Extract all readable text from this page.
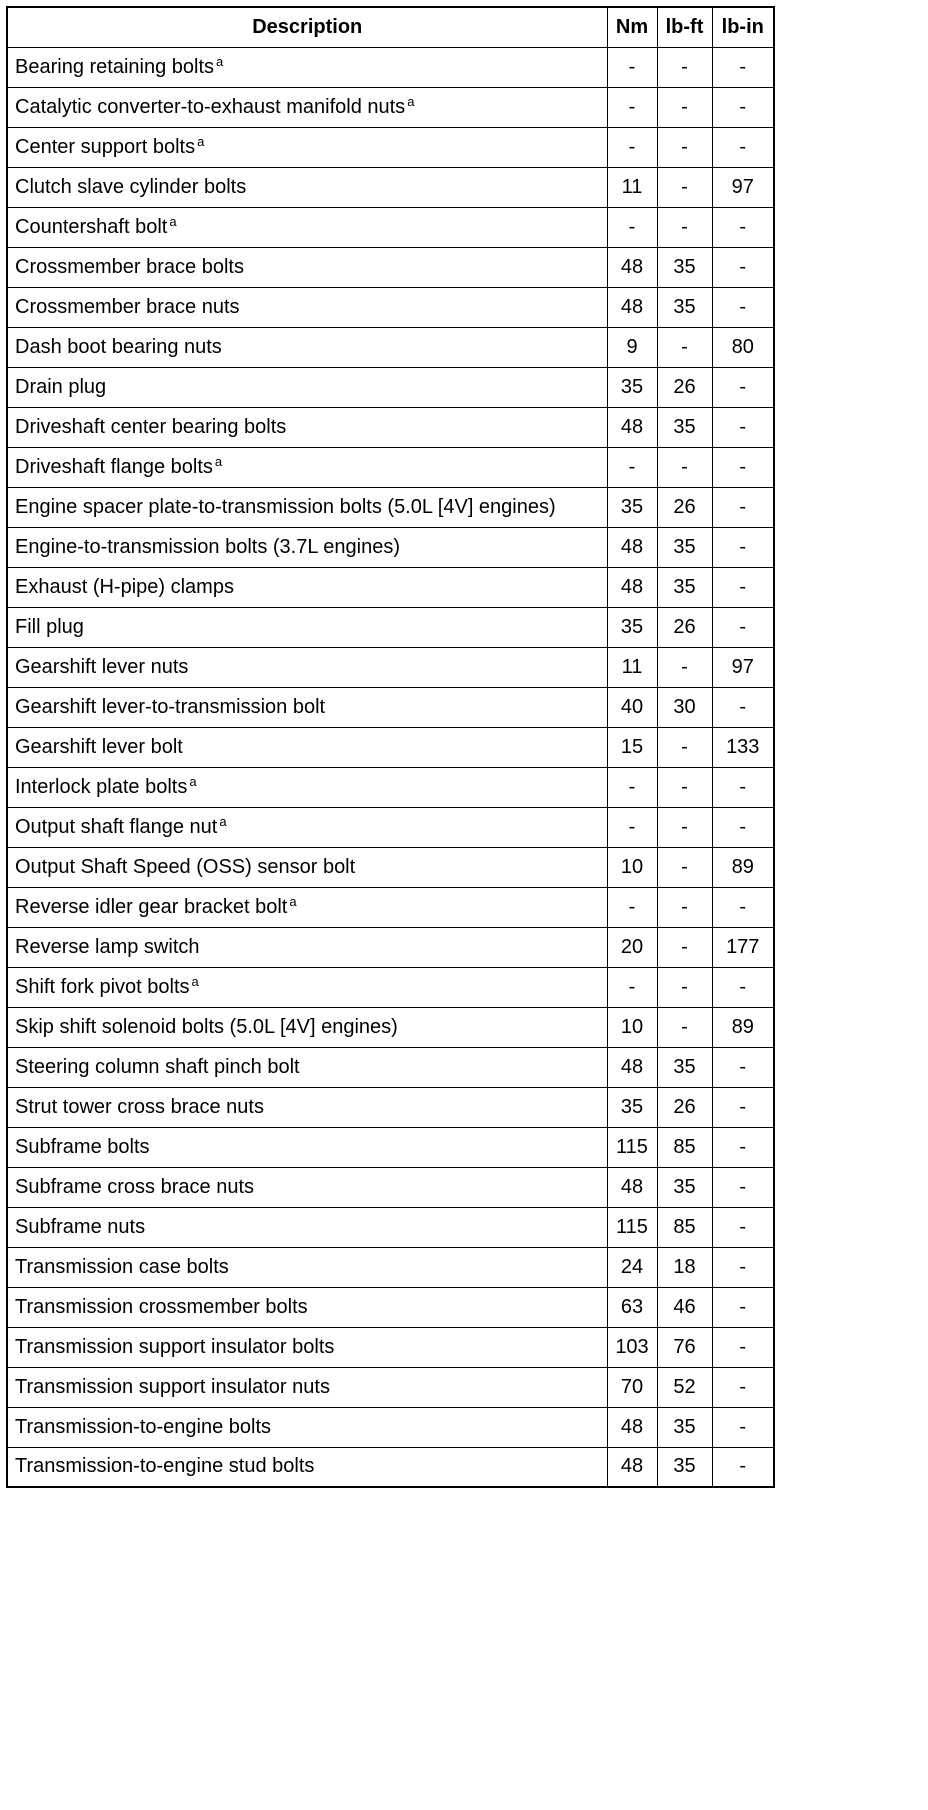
Description	Nm	lb-ft	lb-in
Bearing retaining bolts $^a$	-	-	-
Catalytic converter-to-exhaust manifold nuts $^a$	-	-	-
Center support bolts $^a$	-	-	-
Clutch slave cylinder bolts	11	-	97
Countershaft bolt $^a$	-	-	-
Crossmember brace bolts	48	35	-
Crossmember brace nuts	48	35	-
Dash boot bearing nuts	9	-	80
Drain plug	35	26	-
Driveshaft center bearing bolts	48	35	-
Driveshaft flange bolts $^a$	-	-	-
Engine spacer plate-to-transmission bolts (5.0L [4V] engines)	35	26	-
Engine-to-transmission bolts (3.7L engines)	48	35	-
Exhaust (H-pipe) clamps	48	35	-
Fill plug	35	26	-
Gearshift lever nuts	11	-	97
Gearshift lever-to-transmission bolt	40	30	-
Gearshift lever bolt	15	-	133
Interlock plate bolts $^a$	-	-	-
Output shaft flange nut $^a$	-	-	-
Output Shaft Speed (OSS) sensor bolt	10	-	89
Reverse idler gear bracket bolt $^a$	-	-	-
Reverse lamp switch	20	-	177
Shift fork pivot bolts $^a$	-	-	-
Skip shift solenoid bolts (5.0L [4V] engines)	10	-	89
Steering column shaft pinch bolt	48	35	-
Strut tower cross brace nuts	35	26	-
Subframe bolts	115	85	-
Subframe cross brace nuts	48	35	-
Subframe nuts	115	85	-
Transmission case bolts	24	18	-
Transmission crossmember bolts	63	46	-
Transmission support insulator bolts	103	76	-
Transmission support insulator nuts	70	52	-
Transmission-to-engine bolts	48	35	-
Transmission-to-engine stud bolts	48	35	-
